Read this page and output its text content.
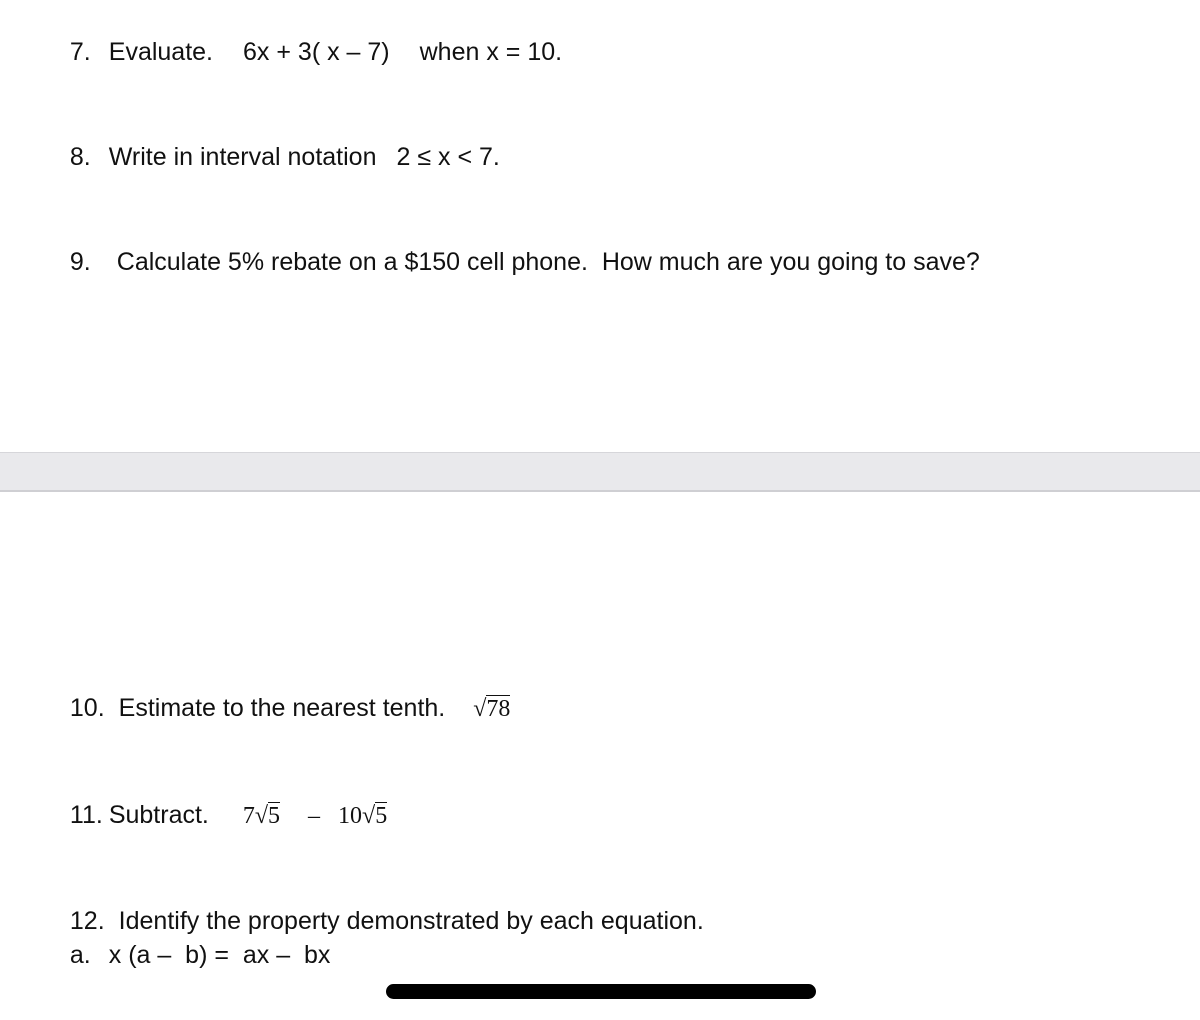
7. Evaluate. 6x + 3( x – 7) when x = 10.

8. Write in interval notation 2 ≤ x < 7.

9. Calculate 5% rebate on a $150 cell phone.  How much are you going to save?

10. Estimate to the nearest tenth. √78

11. Subtract. 7√5 – 10√5

12. Identify the property demonstrated by each equation.

a. x (a –  b) =  ax –  bx
